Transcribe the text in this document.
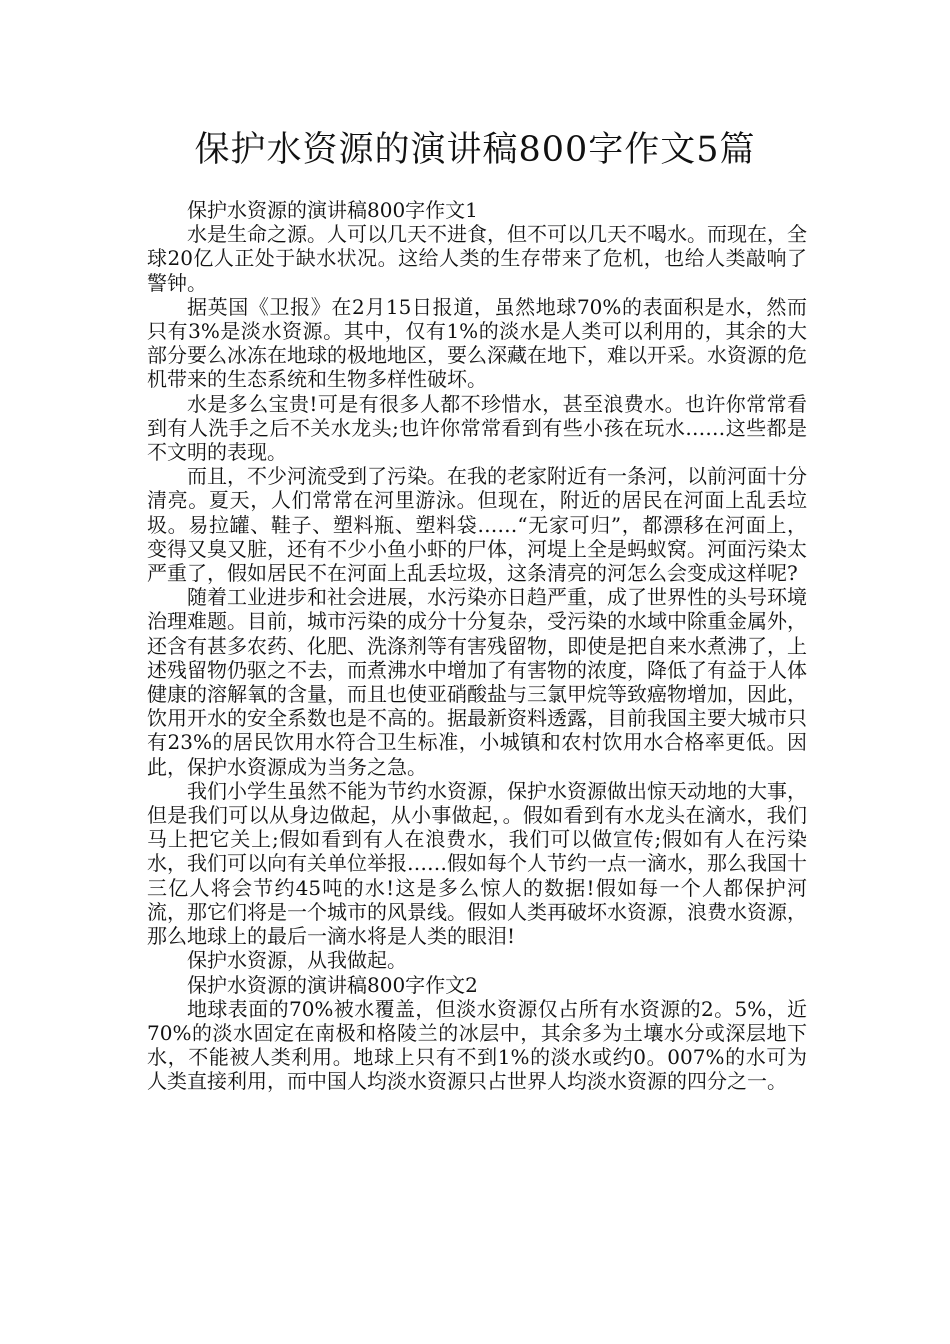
保护水资源的演讲稿800字作文5篇

保护水资源的演讲稿800字作文1

水是生命之源。人可以几天不进食，但不可以几天不喝水。而现在，全球20亿人正处于缺水状况。这给人类的生存带来了危机，也给人类敲响了警钟。

据英国《卫报》在2月15日报道，虽然地球70%的表面积是水，然而只有3%是淡水资源。其中，仅有1%的淡水是人类可以利用的，其余的大部分要么冰冻在地球的极地地区，要么深藏在地下，难以开采。水资源的危机带来的生态系统和生物多样性破坏。

水是多么宝贵!可是有很多人都不珍惜水，甚至浪费水。也许你常常看到有人洗手之后不关水龙头;也许你常常看到有些小孩在玩水……这些都是不文明的表现。

而且，不少河流受到了污染。在我的老家附近有一条河，以前河面十分清亮。夏天，人们常常在河里游泳。但现在，附近的居民在河面上乱丢垃圾。易拉罐、鞋子、塑料瓶、塑料袋……“无家可归”，都漂移在河面上，变得又臭又脏，还有不少小鱼小虾的尸体，河堤上全是蚂蚁窝。河面污染太严重了，假如居民不在河面上乱丢垃圾，这条清亮的河怎么会变成这样呢?

随着工业进步和社会进展，水污染亦日趋严重，成了世界性的头号环境治理难题。目前，城市污染的成分十分复杂，受污染的水域中除重金属外，还含有甚多农药、化肥、洗涤剂等有害残留物，即使是把自来水煮沸了，上述残留物仍驱之不去，而煮沸水中增加了有害物的浓度，降低了有益于人体健康的溶解氧的含量，而且也使亚硝酸盐与三氯甲烷等致癌物增加，因此，饮用开水的安全系数也是不高的。据最新资料透露，目前我国主要大城市只有23%的居民饮用水符合卫生标准，小城镇和农村饮用水合格率更低。因此，保护水资源成为当务之急。

我们小学生虽然不能为节约水资源，保护水资源做出惊天动地的大事，但是我们可以从身边做起，从小事做起，。假如看到有水龙头在滴水，我们马上把它关上;假如看到有人在浪费水，我们可以做宣传;假如有人在污染水，我们可以向有关单位举报……假如每个人节约一点一滴水，那么我国十三亿人将会节约45吨的水!这是多么惊人的数据!假如每一个人都保护河流，那它们将是一个城市的风景线。假如人类再破坏水资源，浪费水资源，那么地球上的最后一滴水将是人类的眼泪!

保护水资源，从我做起。

保护水资源的演讲稿800字作文2

地球表面的70%被水覆盖，但淡水资源仅占所有水资源的2。5%，近70%的淡水固定在南极和格陵兰的冰层中，其余多为土壤水分或深层地下水，不能被人类利用。地球上只有不到1%的淡水或约0。007%的水可为人类直接利用，而中国人均淡水资源只占世界人均淡水资源的四分之一。
